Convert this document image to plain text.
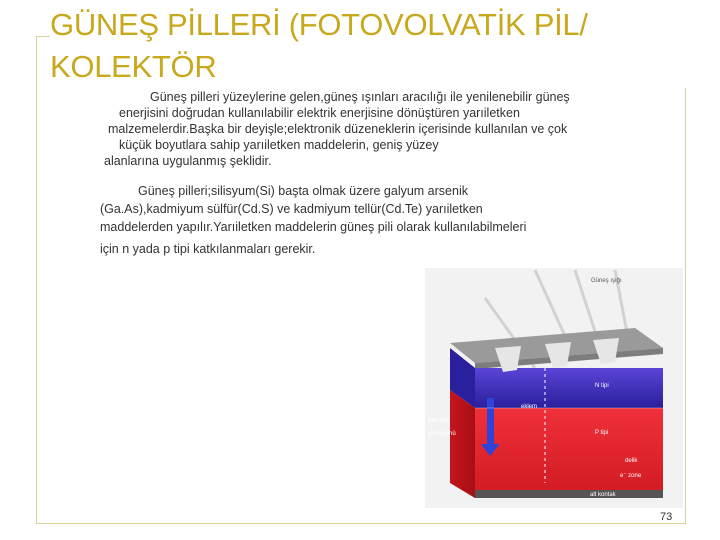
GÜNEŞ PİLLERİ (FOTOVOLVATİK PİL/ KOLEKTÖR
Güneş pilleri yüzeylerine gelen,güneş ışınları aracılığı ile yenilenebilir güneş
enerjisini doğrudan kullanılabilir elektrik enerjisine dönüştüren yarıiletken
malzemelerdir.Başka bir deyişle;elektronik düzeneklerin içerisinde kullanılan ve çok
küçük boyutlara sahip yarıiletken maddelerin, geniş yüzey
alanlarına uygulanmış şeklidir.
Güneş pilleri;silisyum(Si) başta olmak üzere galyum arsenik
(Ga.As),kadmiyum sülfür(Cd.S) ve kadmiyum tellür(Cd.Te) yarıiletken
maddelerden yapılır.Yarıiletken maddelerin güneş pili olarak kullanılabilmeleri
için n yada p tipi katkılanmaları gerekir.
Güneş ışığı
yan ileri
akım yönü	P tipi
N tipi
eklem
delik
e⁻ zone
alt kontak
73
